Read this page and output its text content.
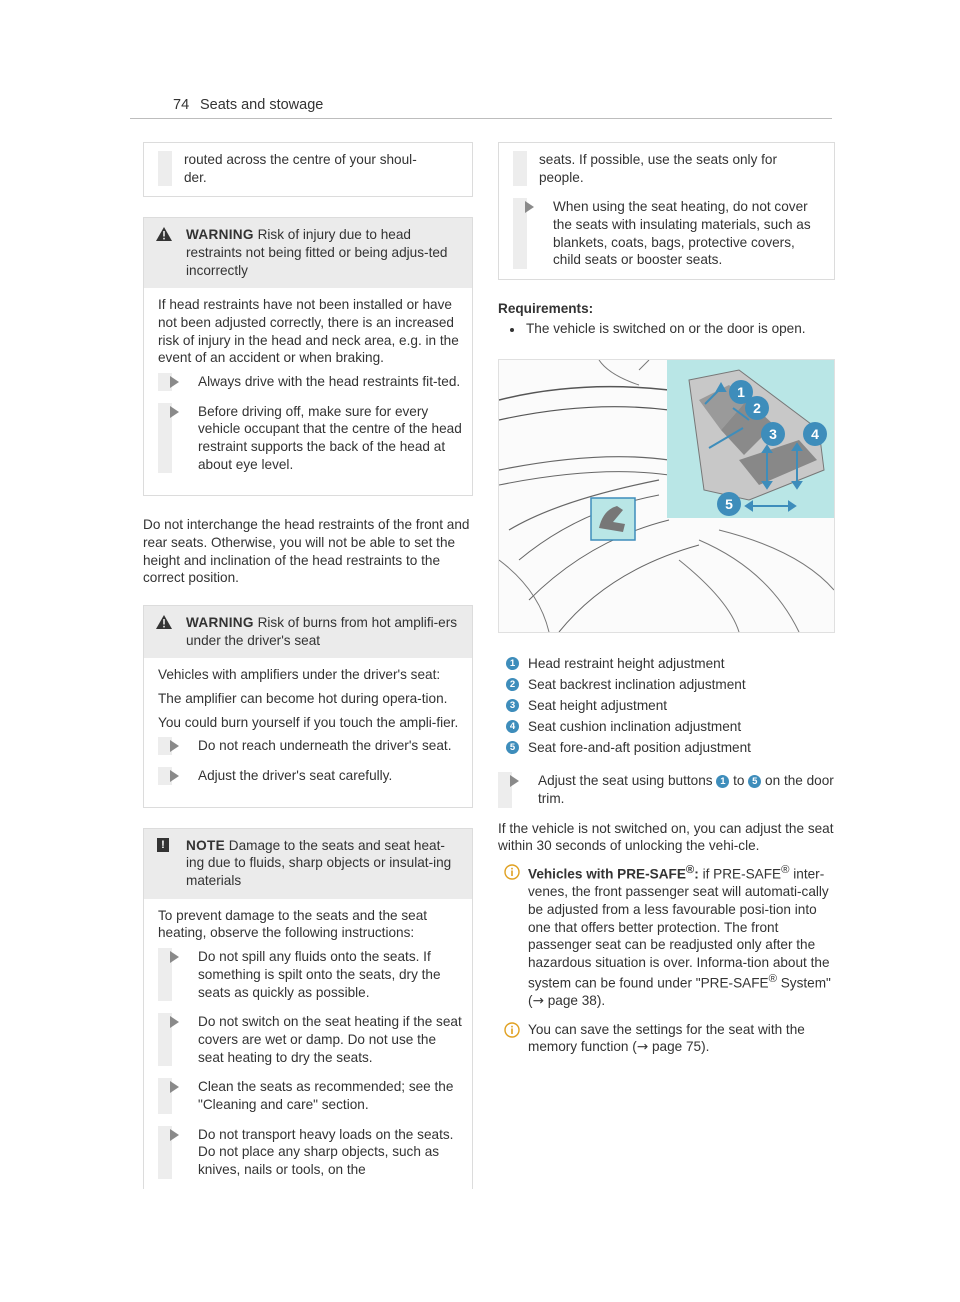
74 Seats and stowage
routed across the centre of your shoul-
der.
WARNING Risk of injury due to head restraints not being fitted or being adjus-ted incorrectly

If head restraints have not been installed or have not been adjusted correctly, there is an increased risk of injury in the head and neck area, e.g. in the event of an accident or when braking.

Always drive with the head restraints fit-ted.
Before driving off, make sure for every vehicle occupant that the centre of the head restraint supports the back of the head at about eye level.

Do not interchange the head restraints of the front and rear seats. Otherwise, you will not be able to set the height and inclination of the head restraints to the correct position.

WARNING Risk of burns from hot amplifi-ers under the driver's seat

Vehicles with amplifiers under the driver's seat:

The amplifier can become hot during opera-tion.

You could burn yourself if you touch the ampli-fier.

Do not reach underneath the driver's seat.
Adjust the driver's seat carefully.
!	NOTE Damage to the seats and seat heat-ing due to fluids, sharp objects or insulat-ing materials

To prevent damage to the seats and the seat heating, observe the following instructions:

Do not spill any fluids onto the seats. If something is spilt onto the seats, dry the seats as quickly as possible.
Do not switch on the seat heating if the seat covers are wet or damp. Do not use the seat heating to dry the seats.
Clean the seats as recommended; see the "Cleaning and care" section.
Do not transport heavy loads on the seats. Do not place any sharp objects, such as knives, nails or tools, on the
seats. If possible, use the seats only for people.
When using the seat heating, do not cover the seats with insulating materials, such as blankets, coats, bags, protective covers, child seats or booster seats.
Requirements:
The vehicle is switched on or the door is open.
1
2
3	4
5
1 Head restraint height adjustment
2 Seat backrest inclination adjustment
3 Seat height adjustment
4 Seat cushion inclination adjustment
5 Seat fore-and-aft position adjustment
Adjust the seat using buttons 1 to 5 on the door trim.

If the vehicle is not switched on, you can adjust the seat within 30 seconds of unlocking the vehi-cle.

Vehicles with PRE-SAFE®: if PRE-SAFE® inter-venes, the front passenger seat will automati-cally be adjusted from a less favourable posi-tion into one that offers better protection. The front passenger seat can be readjusted only after the hazardous situation is over. Informa-tion about the system can be found under "PRE-SAFE® System" (→ page 38).
You can save the settings for the seat with the memory function (→ page 75).
